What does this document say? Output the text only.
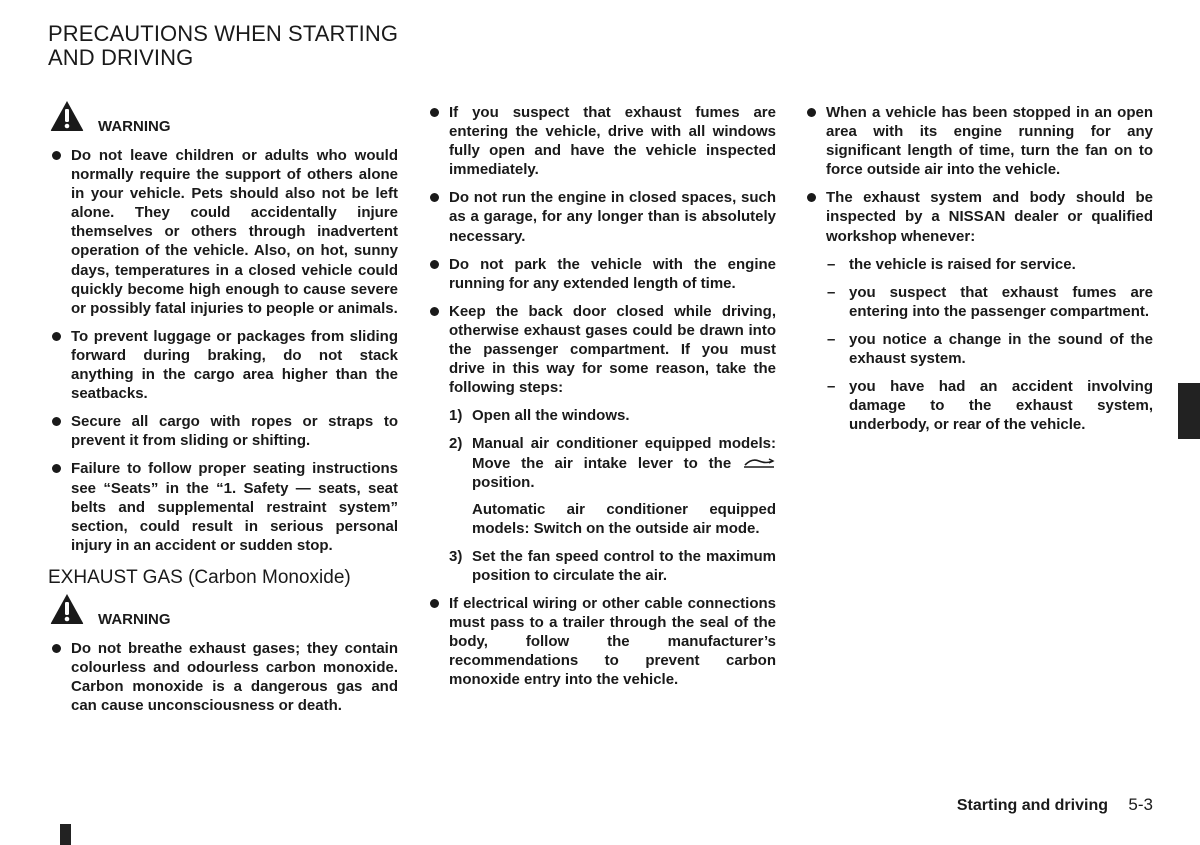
PRECAUTIONS WHEN STARTING
AND DRIVING
WARNING
Do not leave children or adults who would normally require the support of others alone in your vehicle. Pets should also not be left alone. They could accidentally injure themselves or others through inadvertent operation of the vehicle. Also, on hot, sunny days, temperatures in a closed vehicle could quickly become high enough to cause severe or possibly fatal injuries to people or animals.
To prevent luggage or packages from sliding forward during braking, do not stack anything in the cargo area higher than the seatbacks.
Secure all cargo with ropes or straps to prevent it from sliding or shifting.
Failure to follow proper seating instructions see “Seats” in the “1. Safety — seats, seat belts and supplemental restraint system” section, could result in serious personal injury in an accident or sudden stop.
EXHAUST GAS (Carbon Monoxide)
WARNING
Do not breathe exhaust gases; they contain colourless and odourless carbon monoxide. Carbon monoxide is a dangerous gas and can cause unconsciousness or death.
If you suspect that exhaust fumes are entering the vehicle, drive with all windows fully open and have the vehicle inspected immediately.
Do not run the engine in closed spaces, such as a garage, for any longer than is absolutely necessary.
Do not park the vehicle with the engine running for any extended length of time.
Keep the back door closed while driving, otherwise exhaust gases could be drawn into the passenger compartment. If you must drive in this way for some reason, take the following steps:
1) Open all the windows.
2) Manual air conditioner equipped models: Move the air intake lever to the  position.
Automatic air conditioner equipped models: Switch on the outside air mode.
3) Set the fan speed control to the maximum position to circulate the air.
If electrical wiring or other cable connections must pass to a trailer through the seal of the body, follow the manufacturer’s recommendations to prevent carbon monoxide entry into the vehicle.
When a vehicle has been stopped in an open area with its engine running for any significant length of time, turn the fan on to force outside air into the vehicle.
The exhaust system and body should be inspected by a NISSAN dealer or qualified workshop whenever:
– the vehicle is raised for service.
– you suspect that exhaust fumes are entering into the passenger compartment.
– you notice a change in the sound of the exhaust system.
– you have had an accident involving damage to the exhaust system, underbody, or rear of the vehicle.
Starting and driving 5-3
